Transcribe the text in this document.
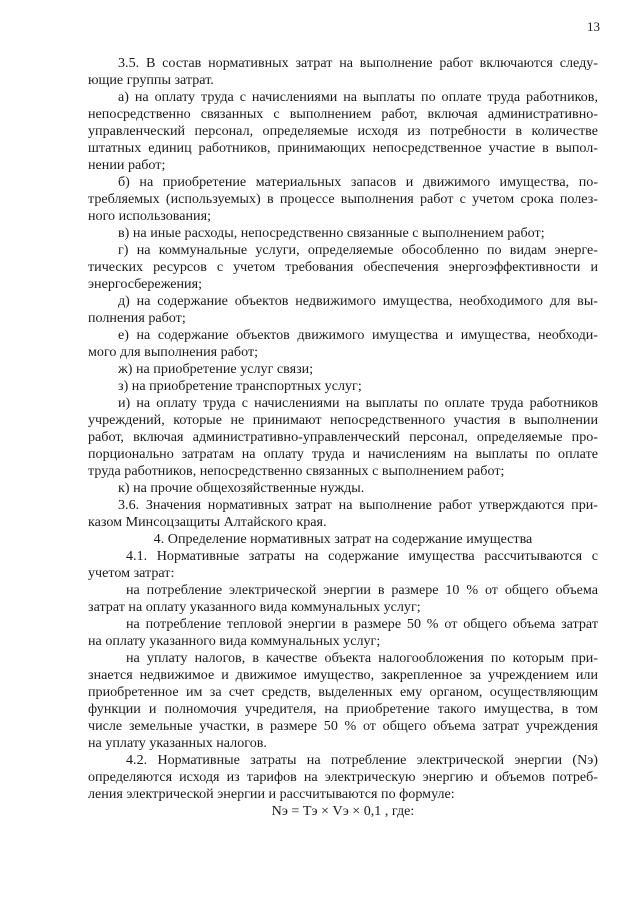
13

3.5. В состав нормативных затрат на выполнение работ включаются следу-
ющие группы затрат.

а) на оплату труда с начислениями на выплаты по оплате труда работников,
непосредственно связанных с выполнением работ, включая административно-
управленческий персонал, определяемые исходя из потребности в количестве
штатных единиц работников, принимающих непосредственное участие в выпол-
нении работ;

б) на приобретение материальных запасов и движимого имущества, по-
требляемых (используемых) в процессе выполнения работ с учетом срока полез-
ного использования;

в) на иные расходы, непосредственно связанные с выполнением работ;

г) на коммунальные услуги, определяемые обособленно по видам энерге-
тических ресурсов с учетом требования обеспечения энергоэффективности и
энергосбережения;

д) на содержание объектов недвижимого имущества, необходимого для вы-
полнения работ;

е) на содержание объектов движимого имущества и имущества, необходи-
мого для выполнения работ;

ж) на приобретение услуг связи;

з) на приобретение транспортных услуг;

и) на оплату труда с начислениями на выплаты по оплате труда работников
учреждений, которые не принимают непосредственного участия в выполнении
работ, включая административно-управленческий персонал, определяемые про-
порционально затратам на оплату труда и начислениям на выплаты по оплате
труда работников, непосредственно связанных с выполнением работ;

к) на прочие общехозяйственные нужды.

3.6. Значения нормативных затрат на выполнение работ утверждаются при-
казом Минсоцзащиты Алтайского края.

4. Определение нормативных затрат на содержание имущества

4.1. Нормативные затраты на содержание имущества рассчитываются с
учетом затрат:

на потребление электрической энергии в размере 10 % от общего объема
затрат на оплату указанного вида коммунальных услуг;

на потребление тепловой энергии в размере 50 % от общего объема затрат
на оплату указанного вида коммунальных услуг;

на уплату налогов, в качестве объекта налогообложения по которым при-
знается недвижимое и движимое имущество, закрепленное за учреждением или
приобретенное им за счет средств, выделенных ему органом, осуществляющим
функции и полномочия учредителя, на приобретение такого имущества, в том
числе земельные участки, в размере 50 % от общего объема затрат учреждения
на уплату указанных налогов.

4.2. Нормативные затраты на потребление электрической энергии (Nэ)
определяются исходя из тарифов на электрическую энергию и объемов потреб-
ления электрической энергии и рассчитываются по формуле:

Nэ = Tэ × Vэ × 0,1 , где:
